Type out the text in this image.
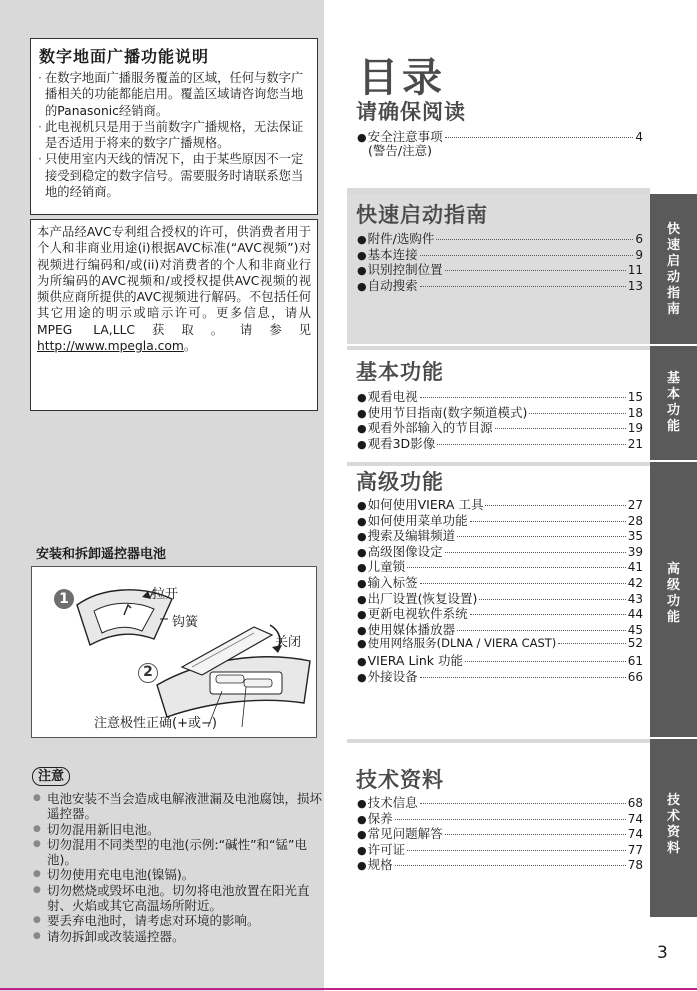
数字地面广播功能说明
· 在数字地面广播服务覆盖的区域，任何与数字广播相关的功能都能启用。覆盖区域请咨询您当地的Panasonic经销商。
· 此电视机只是用于当前数字广播规格，无法保证是否适用于将来的数字广播规格。
· 只使用室内天线的情况下，由于某些原因不一定接受到稳定的数字信号。需要服务时请联系您当地的经销商。
本产品经AVC专利组合授权的许可，供消费者用于个人和非商业用途(i)根据AVC标准(“AVC视频”)对视频进行编码和/或(ii)对消费者的个人和非商业行为所编码的AVC视频和/或授权提供AVC视频的视频供应商所提供的AVC视频进行解码。不包括任何其它用途的明示或暗示许可。更多信息，请从MPEG LA,LLC获取。请参见http://www.mpegla.com。
安装和拆卸遥控器电池
1
2
拉开
钩簧
关闭
注意极性正确(+或−)
注意
● 电池安装不当会造成电解液泄漏及电池腐蚀，损坏遥控器。
● 切勿混用新旧电池。
● 切勿混用不同类型的电池(示例:“碱性”和“锰”电池)。
● 切勿使用充电电池(镍镉)。
● 切勿燃烧或毁坏电池。切勿将电池放置在阳光直射、火焰或其它高温场所附近。
● 要丢弃电池时，请考虑对环境的影响。
● 请勿拆卸或改装遥控器。
目录
请确保阅读
● 安全注意事项	4
(警告/注意)
快速启动指南
● 附件/选购件	6
● 基本连接	9
● 识别控制位置	11
● 自动搜索	13
快
速
启
动
指
南
基本功能
● 观看电视	15
● 使用节目指南(数字频道模式)	18
● 观看外部输入的节目源	19
● 观看3D影像	21
基
本
功
能
高级功能
● 如何使用VIERA 工具	27
● 如何使用菜单功能	28
● 搜索及编辑频道	35
● 高级图像设定	39
● 儿童锁	41
● 输入标签	42
● 出厂设置(恢复设置)	43
● 更新电视软件系统	44
● 使用媒体播放器	45
● 使用网络服务(DLNA / VIERA CAST)	52
● VIERA Link 功能	61
● 外接设备	66
高
级
功
能
技术资料
● 技术信息	68
● 保养	74
● 常见问题解答	74
● 许可证	77
● 规格	78
技
术
资
料
3
